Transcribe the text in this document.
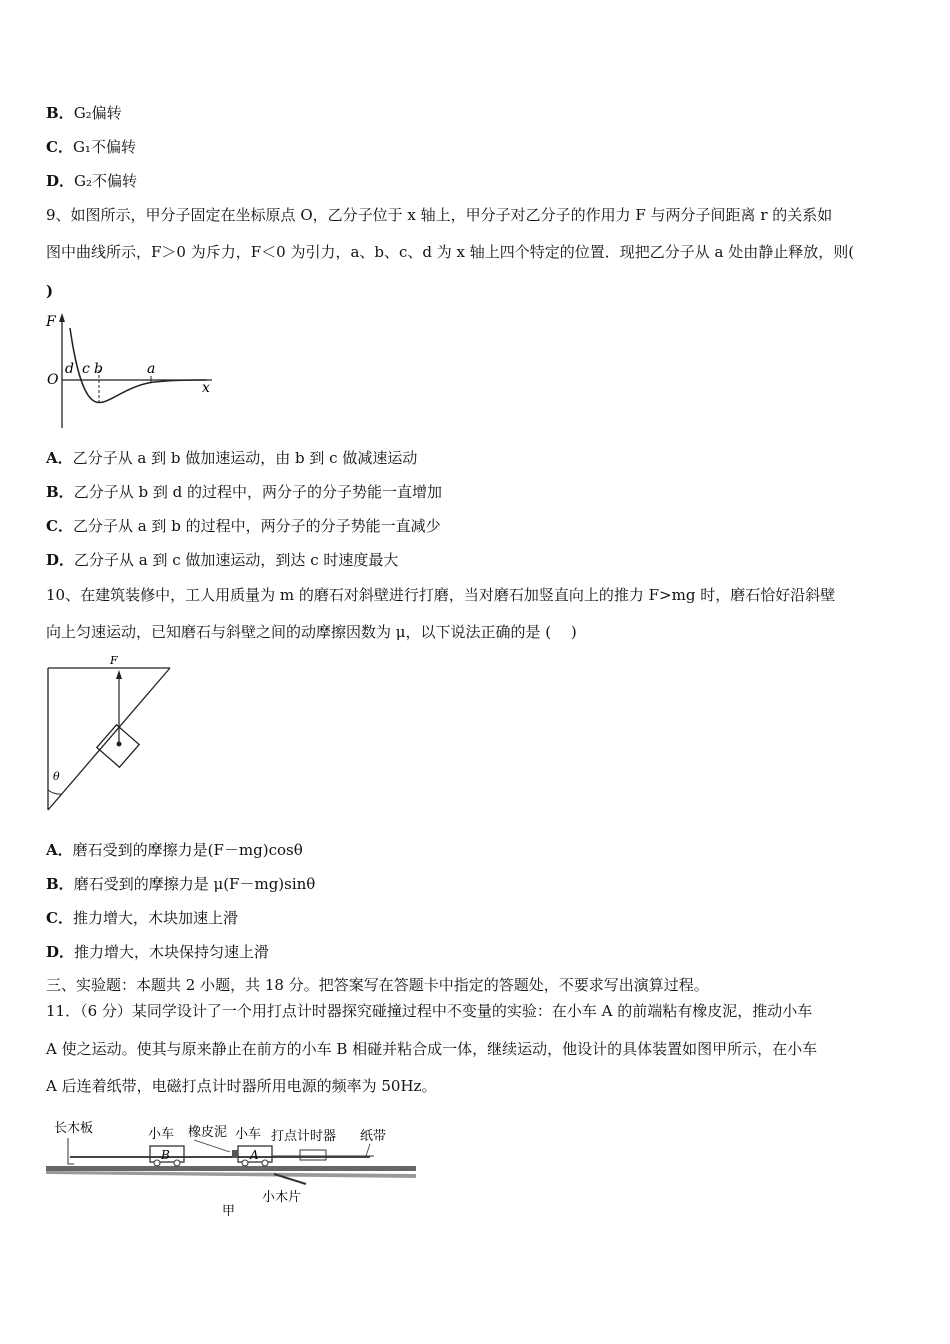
B．G₂偏转
C．G₁不偏转
D．G₂不偏转
9、如图所示，甲分子固定在坐标原点 O，乙分子位于 x 轴上，甲分子对乙分子的作用力 F 与两分子间距离 r 的关系如
图中曲线所示，F＞0 为斥力，F＜0 为引力，a、b、c、d 为 x 轴上四个特定的位置．现把乙分子从 a 处由静止释放，则(
)
F
O	x
d c b	a
A．乙分子从 a 到 b 做加速运动，由 b 到 c 做减速运动
B．乙分子从 b 到 d 的过程中，两分子的分子势能一直增加
C．乙分子从 a 到 b 的过程中，两分子的分子势能一直减少
D．乙分子从 a 到 c 做加速运动，到达 c 时速度最大
10、在建筑装修中，工人用质量为 m 的磨石对斜壁进行打磨，当对磨石加竖直向上的推力 F>mg 时，磨石恰好沿斜壁
向上匀速运动，已知磨石与斜壁之间的动摩擦因数为 μ，以下说法正确的是 (　 )
F
θ
A．磨石受到的摩擦力是(F－mg)cosθ
B．磨石受到的摩擦力是 μ(F－mg)sinθ
C．推力增大，木块加速上滑
D．推力增大，木块保持匀速上滑
三、实验题：本题共 2 小题，共 18 分。把答案写在答题卡中指定的答题处，不要求写出演算过程。
11．（6 分）某同学设计了一个用打点计时器探究碰撞过程中不变量的实验：在小车 A 的前端粘有橡皮泥，推动小车
A 使之运动。使其与原来静止在前方的小车 B 相碰并粘合成一体，继续运动，他设计的具体装置如图甲所示，在小车
A 后连着纸带，电磁打点计时器所用电源的频率为 50Hz。
长木板
B	A
小车 橡皮泥 小车 打点计时器 纸带
小木片
甲
